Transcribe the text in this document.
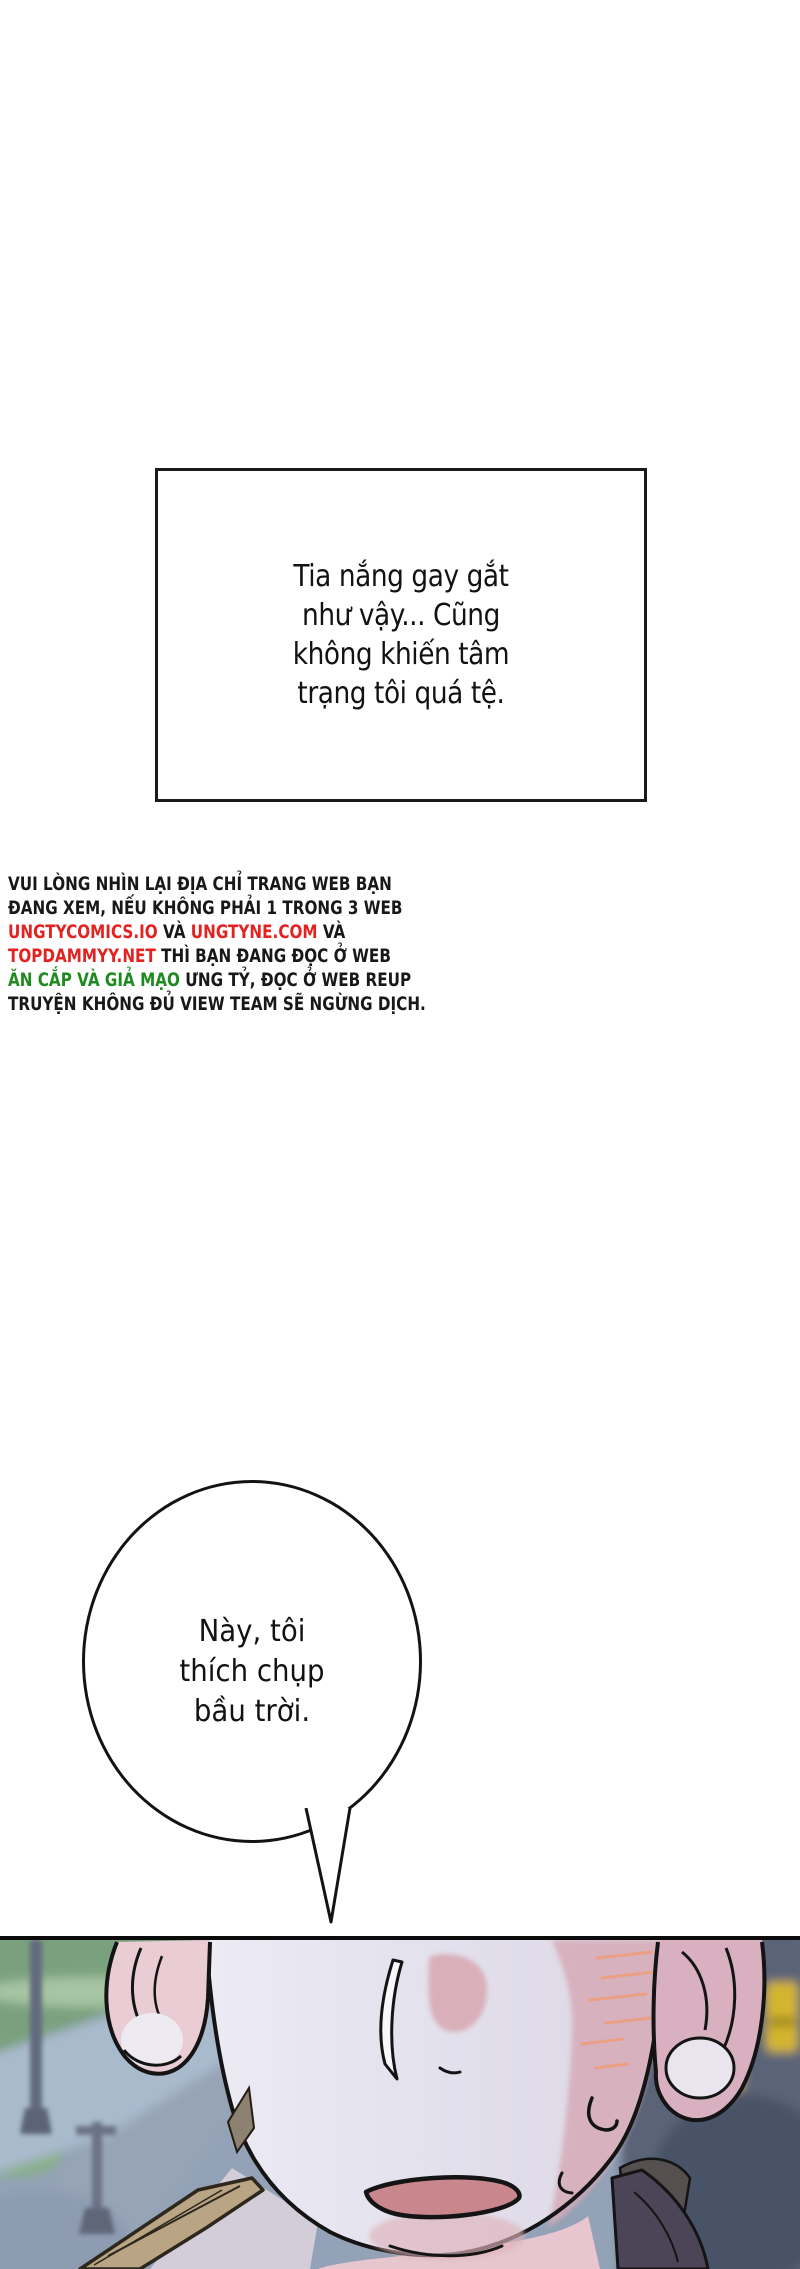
Tia nắng gay gắt
như vậy... Cũng
không khiến tâm
trạng tôi quá tệ.
VUI LÒNG NHÌN LẠI ĐỊA CHỈ TRANG WEB BẠN
ĐANG XEM, NẾU KHÔNG PHẢI 1 TRONG 3 WEB
UNGTYCOMICS.IO VÀ UNGTYNE.COM VÀ
TOPDAMMYY.NET THÌ BẠN ĐANG ĐỌC Ở WEB
ĂN CẮP VÀ GIẢ MẠO ƯNG TỶ, ĐỌC Ở WEB REUP
TRUYỆN KHÔNG ĐỦ VIEW TEAM SẼ NGỪNG DỊCH.
Này, tôi
thích chụp
bầu trời.
